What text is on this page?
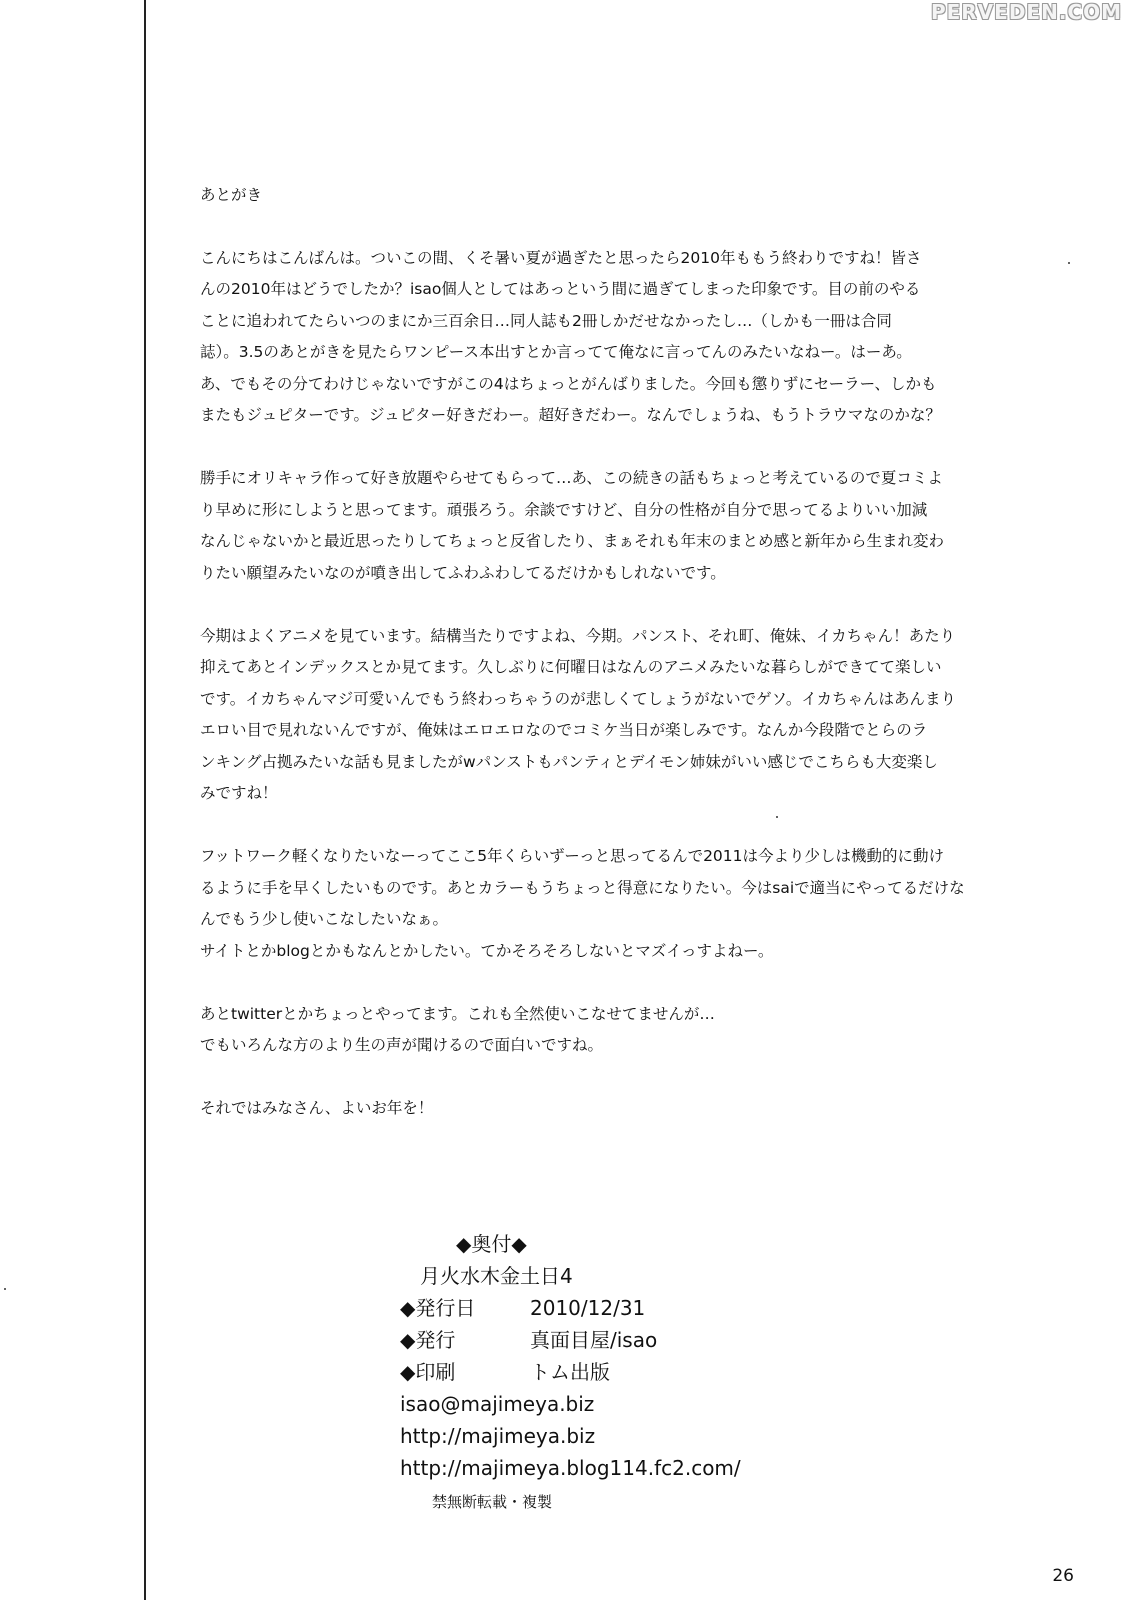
PERVEDEN.COM
あとがき
こんにちはこんばんは。ついこの間、くそ暑い夏が過ぎたと思ったら2010年ももう終わりですね！皆さ
んの2010年はどうでしたか？isao個人としてはあっという間に過ぎてしまった印象です。目の前のやる
ことに追われてたらいつのまにか三百余日…同人誌も2冊しかだせなかったし…（しかも一冊は合同
誌）。3.5のあとがきを見たらワンピース本出すとか言ってて俺なに言ってんのみたいなねー。はーあ。
あ、でもその分てわけじゃないですがこの4はちょっとがんばりました。今回も懲りずにセーラー、しかも
またもジュピターです。ジュピター好きだわー。超好きだわー。なんでしょうね、もうトラウマなのかな？
勝手にオリキャラ作って好き放題やらせてもらって…あ、この続きの話もちょっと考えているので夏コミよ
り早めに形にしようと思ってます。頑張ろう。余談ですけど、自分の性格が自分で思ってるよりいい加減
なんじゃないかと最近思ったりしてちょっと反省したり、まぁそれも年末のまとめ感と新年から生まれ変わ
りたい願望みたいなのが噴き出してふわふわしてるだけかもしれないです。
今期はよくアニメを見ています。結構当たりですよね、今期。パンスト、それ町、俺妹、イカちゃん！あたり
抑えてあとインデックスとか見てます。久しぶりに何曜日はなんのアニメみたいな暮らしができてて楽しい
です。イカちゃんマジ可愛いんでもう終わっちゃうのが悲しくてしょうがないでゲソ。イカちゃんはあんまり
エロい目で見れないんですが、俺妹はエロエロなのでコミケ当日が楽しみです。なんか今段階でとらのラ
ンキング占拠みたいな話も見ましたがwパンストもパンティとデイモン姉妹がいい感じでこちらも大変楽し
みですね！
フットワーク軽くなりたいなーってここ5年くらいずーっと思ってるんで2011は今より少しは機動的に動け
るように手を早くしたいものです。あとカラーもうちょっと得意になりたい。今はsaiで適当にやってるだけな
んでもう少し使いこなしたいなぁ。
サイトとかblogとかもなんとかしたい。てかそろそろしないとマズイっすよねー。
あとtwitterとかちょっとやってます。これも全然使いこなせてませんが…
でもいろんな方のより生の声が聞けるので面白いですね。
それではみなさん、よいお年を！
◆奥付◆
月火水木金土日4
◆発行日	2010/12/31
◆発行	真面目屋/isao
◆印刷	トム出版
isao@majimeya.biz
http://majimeya.biz
http://majimeya.blog114.fc2.com/
禁無断転載・複製
26
